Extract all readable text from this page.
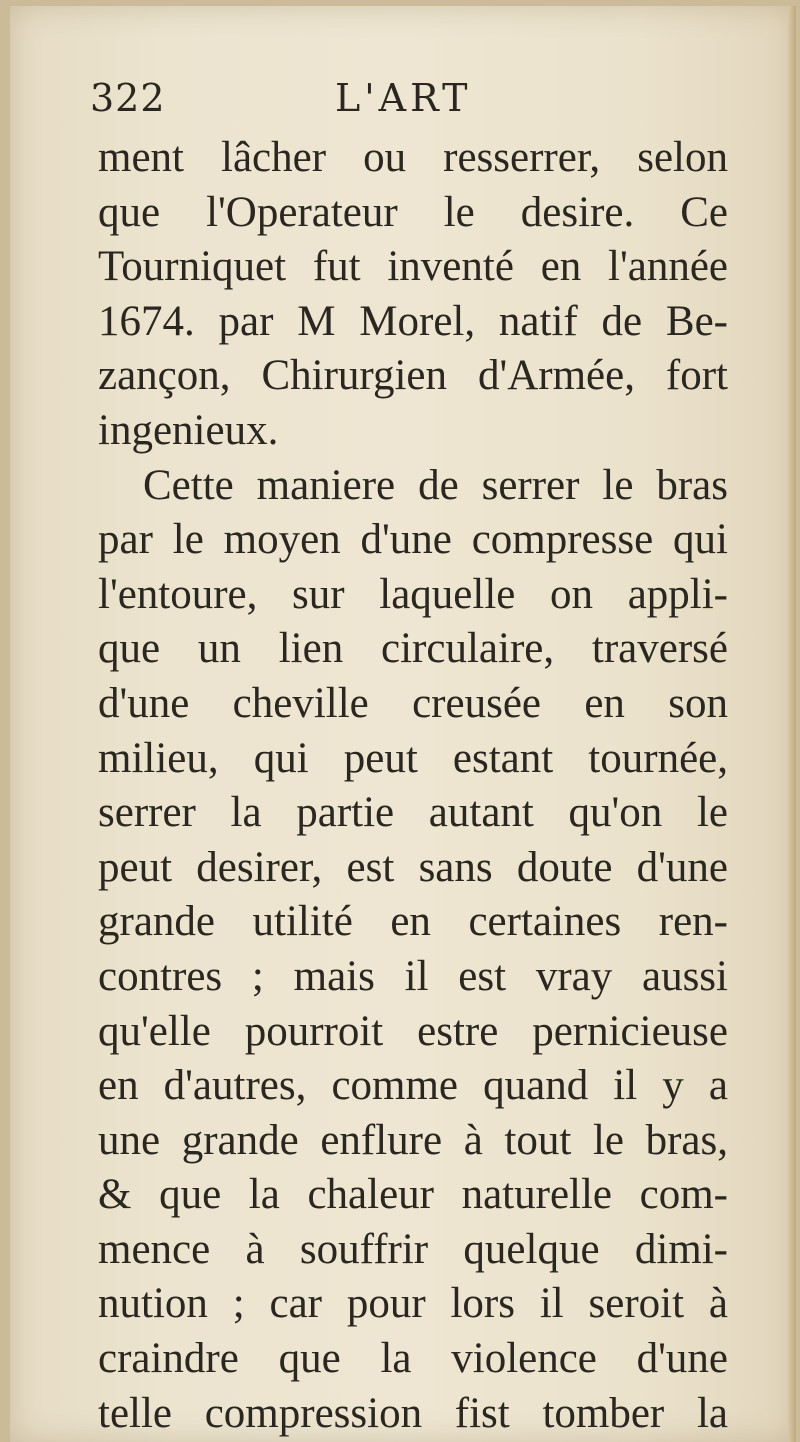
322	L'ART
ment lâcher ou resserrer, selon
que l'Operateur le desire. Ce
Tourniquet fut inventé en l'année
1674. par M Morel, natif de Be-
zançon, Chirurgien d'Armée, fort
ingenieux.
Cette maniere de serrer le bras
par le moyen d'une compresse qui
l'entoure, sur laquelle on appli-
que un lien circulaire, traversé
d'une cheville creusée en son
milieu, qui peut estant tournée,
serrer la partie autant qu'on le
peut desirer, est sans doute d'une
grande utilité en certaines ren-
contres ; mais il est vray aussi
qu'elle pourroit estre pernicieuse
en d'autres, comme quand il y a
une grande enflure à tout le bras,
& que la chaleur naturelle com-
mence à souffrir quelque dimi-
nution ; car pour lors il seroit à
craindre que la violence d'une
telle compression fist tomber la
